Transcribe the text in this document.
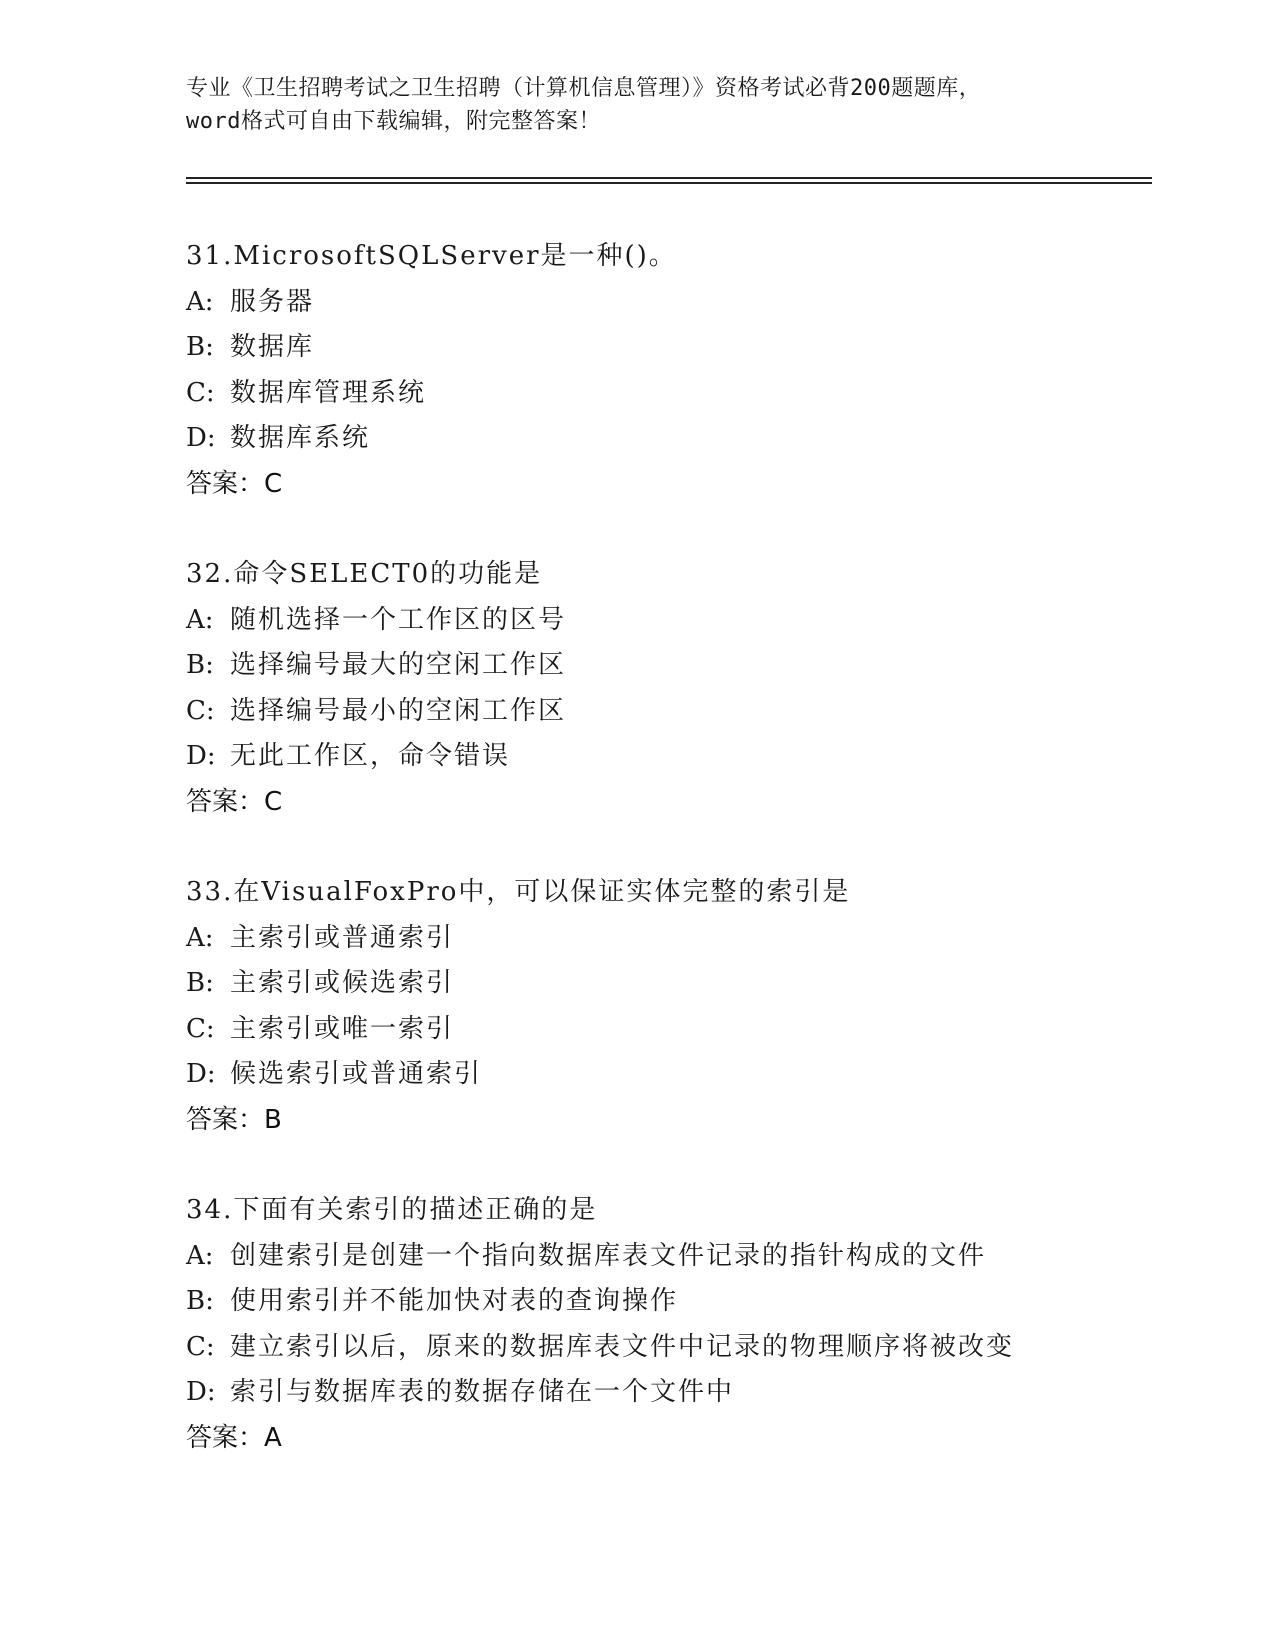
专业《卫生招聘考试之卫生招聘（计算机信息管理）》资格考试必背200题题库，
word格式可自由下载编辑，附完整答案！
31.MicrosoftSQLServer是一种()。
A: 服务器
B: 数据库
C: 数据库管理系统
D: 数据库系统
答案：C
32.命令SELECT0的功能是
A: 随机选择一个工作区的区号
B: 选择编号最大的空闲工作区
C: 选择编号最小的空闲工作区
D: 无此工作区，命令错误
答案：C
33.在VisualFoxPro中，可以保证实体完整的索引是
A: 主索引或普通索引
B: 主索引或候选索引
C: 主索引或唯一索引
D: 候选索引或普通索引
答案：B
34.下面有关索引的描述正确的是
A: 创建索引是创建一个指向数据库表文件记录的指针构成的文件
B: 使用索引并不能加快对表的查询操作
C: 建立索引以后，原来的数据库表文件中记录的物理顺序将被改变
D: 索引与数据库表的数据存储在一个文件中
答案：A
